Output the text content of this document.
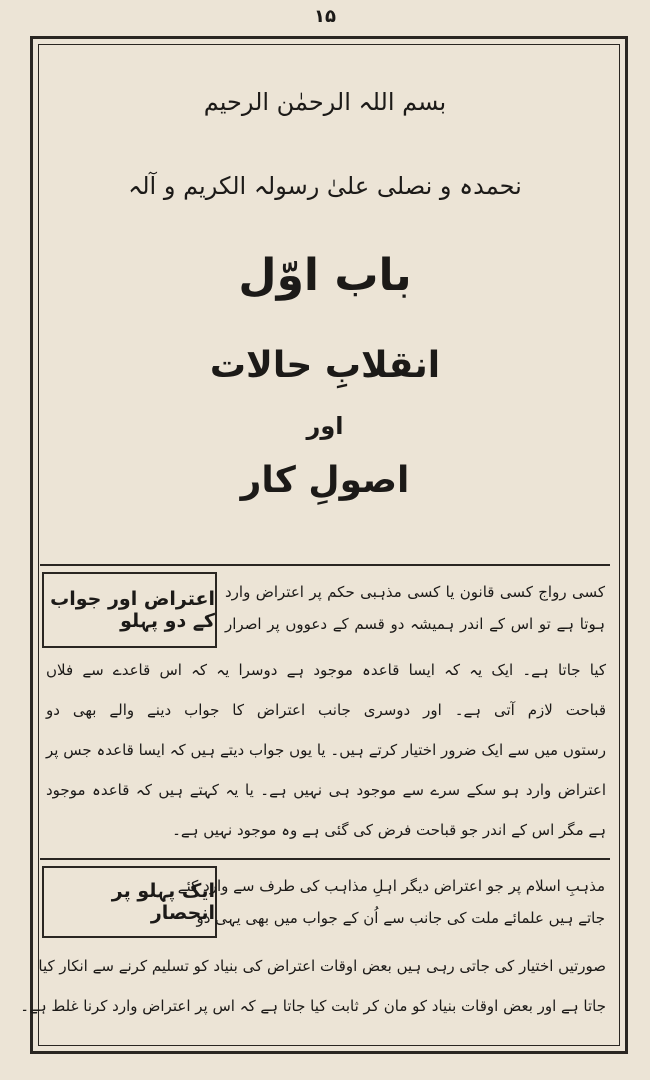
۱۵
بسم اللہ الرحمٰن الرحیم
نحمدہ و نصلی علیٰ رسولہ الکریم و آلہ
باب اوّل
انقلابِ حالات
اور
اصولِ کار
اعتراض اور جواب کے دو پہلو
کسی رواج کسی قانون یا کسی مذہبی حکم پر اعتراض وارد
ہوتا ہے تو اس کے اندر ہمیشہ دو قسم کے دعووں پر اصرار
کیا جاتا ہے۔ ایک یہ کہ ایسا قاعدہ موجود ہے دوسرا یہ کہ اس قاعدے سے فلاں
قباحت لازم آتی ہے۔ اور دوسری جانب اعتراض کا جواب دینے والے بھی دو
رستوں میں سے ایک ضرور اختیار کرتے ہیں۔ یا یوں جواب دیتے ہیں کہ ایسا قاعدہ جس پر
اعتراض وارد ہو سکے سرے سے موجود ہی نہیں ہے۔ یا یہ کہتے ہیں کہ قاعدہ موجود
ہے مگر اس کے اندر جو قباحت فرض کی گئی ہے وہ موجود نہیں ہے۔
ایک پہلو پر انحصار
مذہبِ اسلام پر جو اعتراض دیگر اہلِ مذاہب کی طرف سے وارد کئے
جاتے ہیں علمائے ملت کی جانب سے اُن کے جواب میں بھی یہی دو
صورتیں اختیار کی جاتی رہی ہیں بعض اوقات اعتراض کی بنیاد کو تسلیم کرنے سے انکار کیا
جاتا ہے اور بعض اوقات بنیاد کو مان کر ثابت کیا جاتا ہے کہ اس پر اعتراض وارد کرنا غلط ہے۔
